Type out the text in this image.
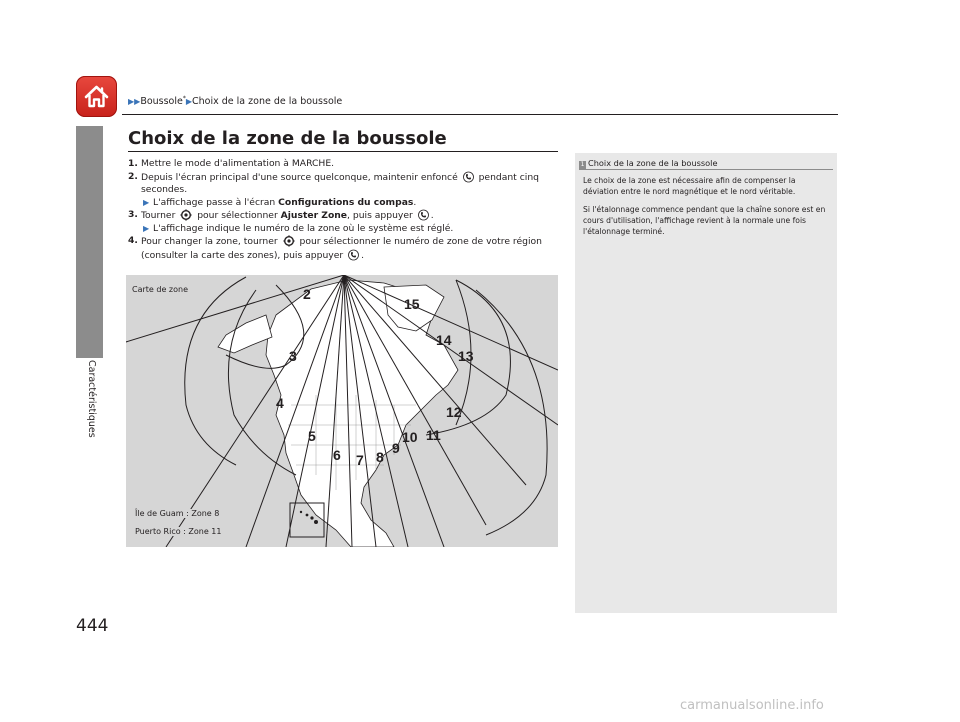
▶▶Boussole*▶Choix de la zone de la boussole
Caractéristiques
444
Choix de la zone de la boussole
1. Mettre le mode d'alimentation à MARCHE.
2. Depuis l'écran principal d'une source quelconque, maintenir enfoncé pendant cinq secondes.
▶ L'affichage passe à l'écran Configurations du compas.
3. Tourner pour sélectionner Ajuster Zone, puis appuyer .
▶ L'affichage indique le numéro de la zone où le système est réglé.
4. Pour changer la zone, tourner pour sélectionner le numéro de zone de votre région (consulter la carte des zones), puis appuyer .
2
15
14
3	13
4
12
5	10 11
9
6 7 8
Carte de zone
Île de Guam : Zone 8
Puerto Rico : Zone 11
1 Choix de la zone de la boussole

Le choix de la zone est nécessaire afin de compenser la déviation entre le nord magnétique et le nord véritable.

Si l'étalonnage commence pendant que la chaîne sonore est en cours d'utilisation, l'affichage revient à la normale une fois l'étalonnage terminé.

carmanualsonline.info
